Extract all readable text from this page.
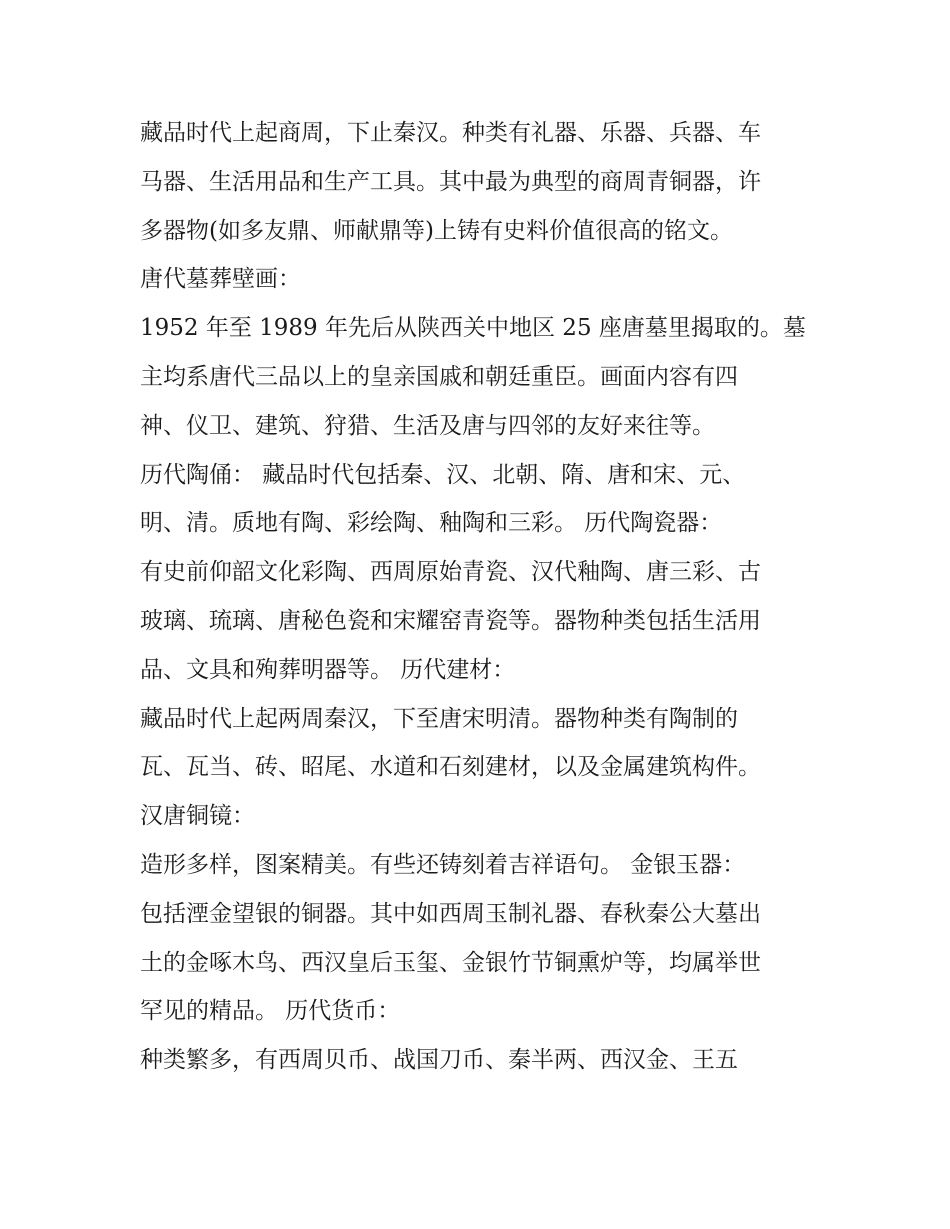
藏品时代上起商周，下止秦汉。种类有礼器、乐器、兵器、车
马器、生活用品和生产工具。其中最为典型的商周青铜器，许
多器物(如多友鼎、师献鼎等)上铸有史料价值很高的铭文。
唐代墓葬壁画：
1952 年至 1989 年先后从陕西关中地区 25 座唐墓里揭取的。墓
主均系唐代三品以上的皇亲国戚和朝廷重臣。画面内容有四
神、仪卫、建筑、狩猎、生活及唐与四邻的友好来往等。
历代陶俑： 藏品时代包括秦、汉、北朝、隋、唐和宋、元、
明、清。质地有陶、彩绘陶、釉陶和三彩。 历代陶瓷器：
有史前仰韶文化彩陶、西周原始青瓷、汉代釉陶、唐三彩、古
玻璃、琉璃、唐秘色瓷和宋耀窑青瓷等。器物种类包括生活用
品、文具和殉葬明器等。 历代建材：
藏品时代上起两周秦汉，下至唐宋明清。器物种类有陶制的
瓦、瓦当、砖、昭尾、水道和石刻建材，以及金属建筑构件。
汉唐铜镜：
造形多样，图案精美。有些还铸刻着吉祥语句。 金银玉器：
包括湮金望银的铜器。其中如西周玉制礼器、春秋秦公大墓出
土的金啄木鸟、西汉皇后玉玺、金银竹节铜熏炉等，均属举世
罕见的精品。 历代货币：
种类繁多，有西周贝币、战国刀币、秦半两、西汉金、王五
